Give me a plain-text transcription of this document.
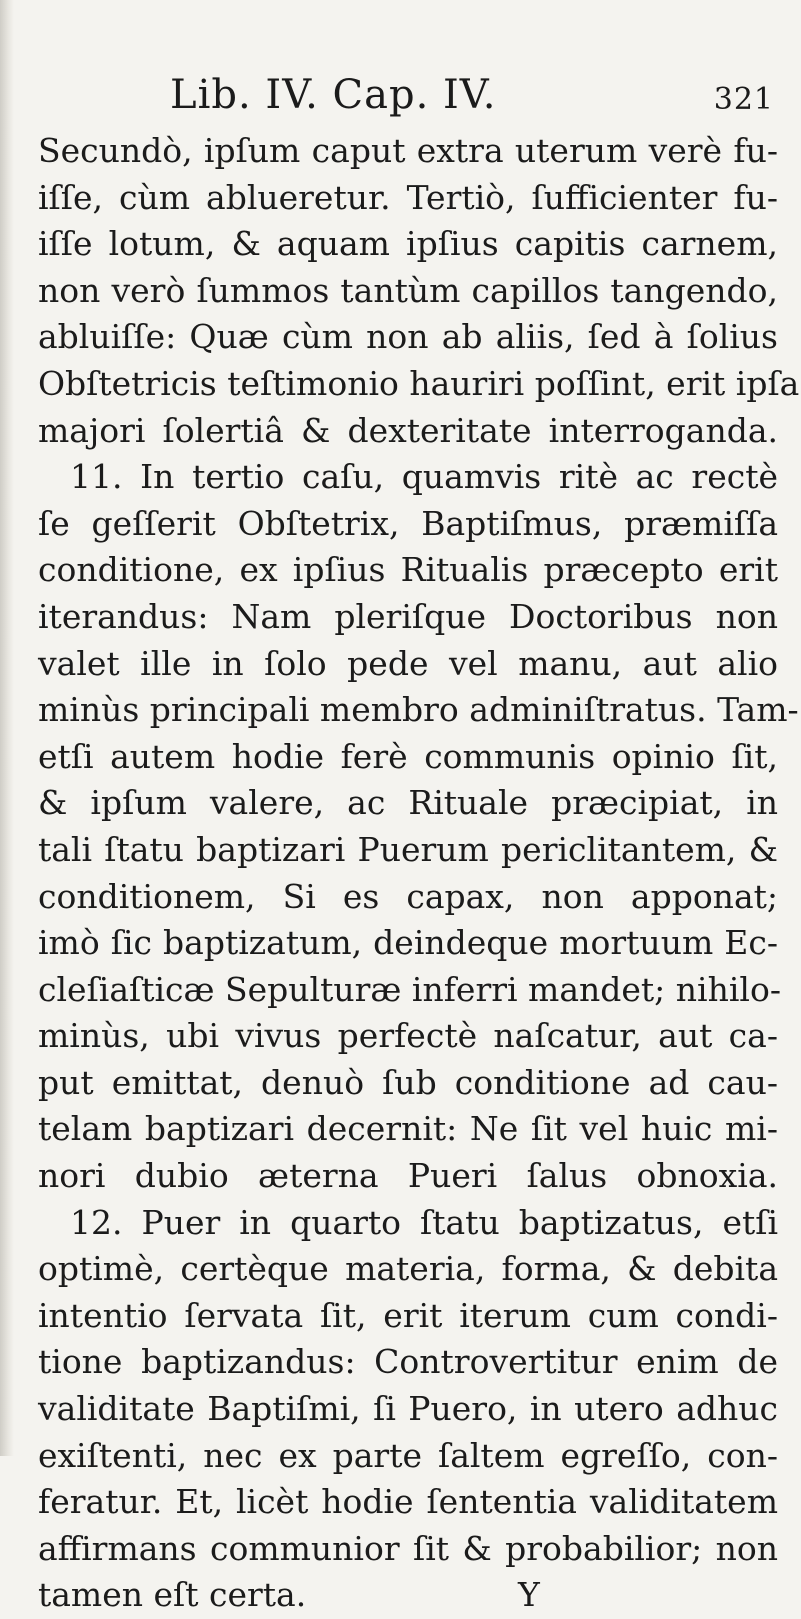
Lib. IV. Cap. IV.	321
Secundò, ipſum caput extra uterum verè fu-
iſſe, cùm ablueretur. Tertiò, ſufficienter fu-
iſſe lotum, & aquam ipſius capitis carnem,
non verò ſummos tantùm capillos tangendo,
abluiſſe: Quæ cùm non ab aliis, ſed à ſolius
Obſtetricis teſtimonio hauriri poſſint, erit ipſa
majori ſolertiâ & dexteritate interroganda.
11. In tertio caſu, quamvis ritè ac rectè
ſe geſſerit Obſtetrix, Baptiſmus, præmiſſa
conditione, ex ipſius Ritualis præcepto erit
iterandus: Nam pleriſque Doctoribus non
valet ille in ſolo pede vel manu, aut alio
minùs principali membro adminiſtratus. Tam-
etſi autem hodie ferè communis opinio ſit,
& ipſum valere, ac Rituale præcipiat, in
tali ſtatu baptizari Puerum periclitantem, &
conditionem, Si es capax, non apponat;
imò ſic baptizatum, deindeque mortuum Ec-
cleſiaſticæ Sepulturæ inferri mandet; nihilo-
minùs, ubi vivus perfectè naſcatur, aut ca-
put emittat, denuò ſub conditione ad cau-
telam baptizari decernit: Ne ſit vel huic mi-
nori dubio æterna Pueri ſalus obnoxia.
12. Puer in quarto ſtatu baptizatus, etſi
optimè, certèque materia, forma, & debita
intentio ſervata ſit, erit iterum cum condi-
tione baptizandus: Controvertitur enim de
validitate Baptiſmi, ſi Puero, in utero adhuc
exiſtenti, nec ex parte ſaltem egreſſo, con-
feratur. Et, licèt hodie ſententia validitatem
affirmans communior ſit & probabilior; non
tamen eſt certa.	Y
